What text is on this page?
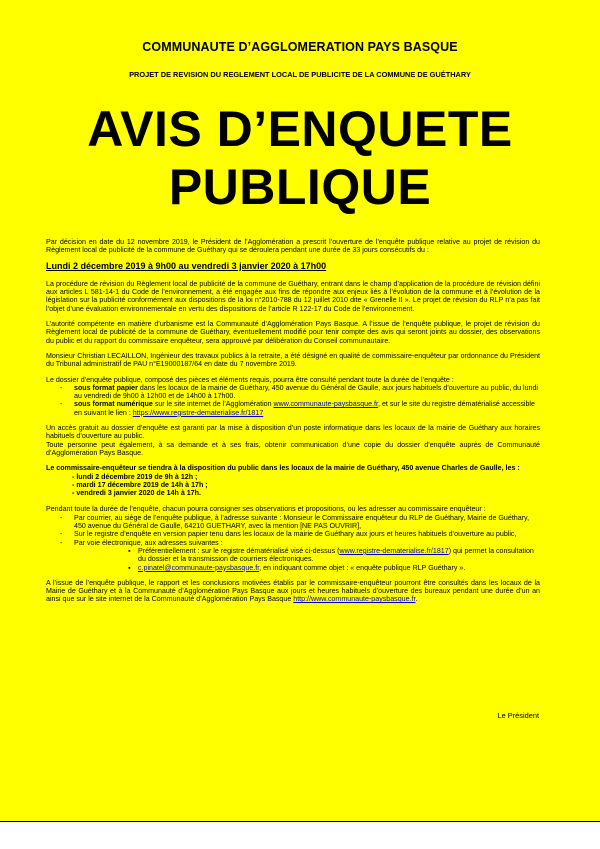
COMMUNAUTE D’AGGLOMERATION PAYS BASQUE
PROJET DE REVISION DU REGLEMENT LOCAL DE PUBLICITE DE LA COMMUNE DE GUÉTHARY
AVIS D’ENQUETE
PUBLIQUE

Par décision en date du 12 novembre 2019, le Président de l’Agglomération a prescrit l’ouverture de l’enquête publique relative au projet de révision du Règlement local de publicité de la commune de Guéthary qui se déroulera pendant une durée de 33 jours consécutifs du :

Lundi 2 décembre 2019 à 9h00 au vendredi 3 janvier 2020 à 17h00

La procédure de révision du Règlement local de publicité de la commune de Guéthary, entrant dans le champ d’application de la procédure de révision défini aux articles L 581-14-1 du Code de l’environnement, a été engagée aux fins de répondre aux enjeux liés à l’évolution de la commune et à l’évolution de la législation sur la publicité conformément aux dispositions de la loi n°2010-788 du 12 juillet 2010 dite « Grenelle II ». Le projet de révision du RLP n’a pas fait l’objet d’une évaluation environnementale en vertu des dispositions de l’article R 122-17 du Code de l’environnement.

L’autorité compétente en matière d’urbanisme est la Communauté d’Agglomération Pays Basque. A l’issue de l’enquête publique, le projet de révision du Règlement local de publicité de la commune de Guéthary, éventuellement modifié pour tenir compte des avis qui seront joints au dossier, des observations du public et du rapport du commissaire enquêteur, sera approuvé par délibération du Conseil communautaire.

Monsieur Christian LECAILLON, Ingénieur des travaux publics à la retraite, a été désigné en qualité de commissaire-enquêteur par ordonnance du Président du Tribunal administratif de PAU n°E19000187/64 en date du 7 novembre 2019.

Le dossier d’enquête publique, composé des pièces et éléments requis, pourra être consulté pendant toute la durée de l’enquête :

- sous format papier dans les locaux de la mairie de Guéthary, 450 avenue du Général de Gaulle, aux jours habituels d’ouverture au public, du lundi au vendredi de 9h00 à 12h00 et de 14h00 à 17h00.
- sous format numérique sur le site internet de l’Agglomération www.communaute-paysbasque.fr, et sur le site du registre dématérialisé accessible en suivant le lien : https://www.registre-dematerialise.fr/1817

Un accès gratuit au dossier d’enquête est garanti par la mise à disposition d’un poste informatique dans les locaux de la mairie de Guéthary aux horaires habituels d’ouverture au public.

Toute personne peut également, à sa demande et à ses frais, obtenir communication d’une copie du dossier d’enquête auprès de Communauté d’Agglomération Pays Basque.

Le commissaire-enquêteur se tiendra à la disposition du public dans les locaux de la mairie de Guéthary, 450 avenue Charles de Gaulle, les :

- lundi 2 décembre 2019 de 9h à 12h ;
- mardi 17 décembre 2019 de 14h à 17h ;
- vendredi 3 janvier 2020 de 14h à 17h.

Pendant toute la durée de l’enquête, chacun pourra consigner ses observations et propositions, ou les adresser au commissaire enquêteur :

- Par courrier, au siège de l’enquête publique, à l’adresse suivante : Monsieur le Commissaire enquêteur du RLP de Guéthary, Mairie de Guéthary, 450 avenue du Général de Gaulle, 64210 GUETHARY, avec la mention [NE PAS OUVRIR],
- Sur le registre d’enquête en version papier tenu dans les locaux de la mairie de Guéthary aux jours et heures habituels d’ouverture au public,
- Par voie électronique, aux adresses suivantes :
▪ Préférentiellement : sur le registre dématérialisé visé ci-dessus (www.registre-dematerialise.fr/1817) qui permet la consultation du dossier et la transmission de courriers électroniques.
▪ c.pinatel@communaute-paysbasque.fr, en indiquant comme objet : « enquête publique RLP Guéthary ».

A l’issue de l’enquête publique, le rapport et les conclusions motivées établis par le commissaire-enquêteur pourront être consultés dans les locaux de la Mairie de Guéthary et à la Communauté d’Agglomération Pays Basque aux jours et heures habituels d’ouverture des bureaux pendant une durée d’un an ainsi que sur le site internet de la Communauté d’Agglomération Pays Basque http://www.communaute-paysbasque.fr.

Le Président
